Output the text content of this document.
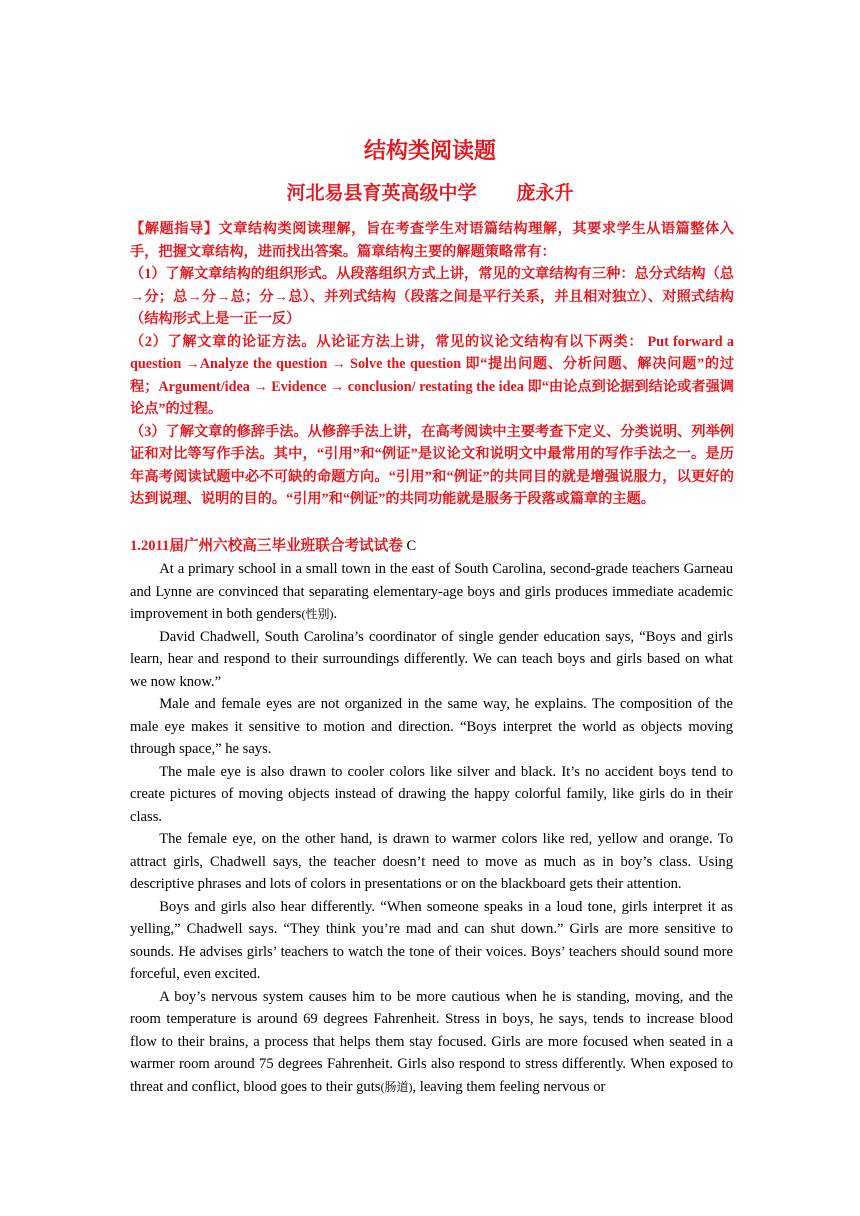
结构类阅读题
河北易县育英高级中学 庞永升

【解题指导】文章结构类阅读理解，旨在考查学生对语篇结构理解，其要求学生从语篇整体入手，把握文章结构，进而找出答案。篇章结构主要的解题策略常有：

（1）了解文章结构的组织形式。从段落组织方式上讲，常见的文章结构有三种：总分式结构（总→分；总→分→总；分→总）、并列式结构（段落之间是平行关系，并且相对独立）、对照式结构（结构形式上是一正一反）

（2）了解文章的论证方法。从论证方法上讲，常见的议论文结构有以下两类： Put forward a question →Analyze the question → Solve the question 即“提出问题、分析问题、解决问题”的过程；Argument/idea → Evidence → conclusion/ restating the idea 即“由论点到论据到结论或者强调论点”的过程。

（3）了解文章的修辞手法。从修辞手法上讲，在高考阅读中主要考查下定义、分类说明、列举例证和对比等写作手法。其中，“引用”和“例证”是议论文和说明文中最常用的写作手法之一。是历年高考阅读试题中必不可缺的命题方向。“引用”和“例证”的共同目的就是增强说服力，以更好的达到说理、说明的目的。“引用”和“例证”的共同功能就是服务于段落或篇章的主题。

1.2011届广州六校高三毕业班联合考试试卷 C

At a primary school in a small town in the east of South Carolina, second-grade teachers Garneau and Lynne are convinced that separating elementary-age boys and girls produces immediate academic improvement in both genders(性别).

David Chadwell, South Carolina’s coordinator of single gender education says, “Boys and girls learn, hear and respond to their surroundings differently. We can teach boys and girls based on what we now know.”

Male and female eyes are not organized in the same way, he explains. The composition of the male eye makes it sensitive to motion and direction. “Boys interpret the world as objects moving through space,” he says.

The male eye is also drawn to cooler colors like silver and black. It’s no accident boys tend to create pictures of moving objects instead of drawing the happy colorful family, like girls do in their class.

The female eye, on the other hand, is drawn to warmer colors like red, yellow and orange. To attract girls, Chadwell says, the teacher doesn’t need to move as much as in boy’s class. Using descriptive phrases and lots of colors in presentations or on the blackboard gets their attention.

Boys and girls also hear differently. “When someone speaks in a loud tone, girls interpret it as yelling,” Chadwell says. “They think you’re mad and can shut down.” Girls are more sensitive to sounds. He advises girls’ teachers to watch the tone of their voices. Boys’ teachers should sound more forceful, even excited.

A boy’s nervous system causes him to be more cautious when he is standing, moving, and the room temperature is around 69 degrees Fahrenheit. Stress in boys, he says, tends to increase blood flow to their brains, a process that helps them stay focused. Girls are more focused when seated in a warmer room around 75 degrees Fahrenheit. Girls also respond to stress differently. When exposed to threat and conflict, blood goes to their guts(肠道), leaving them feeling nervous or
